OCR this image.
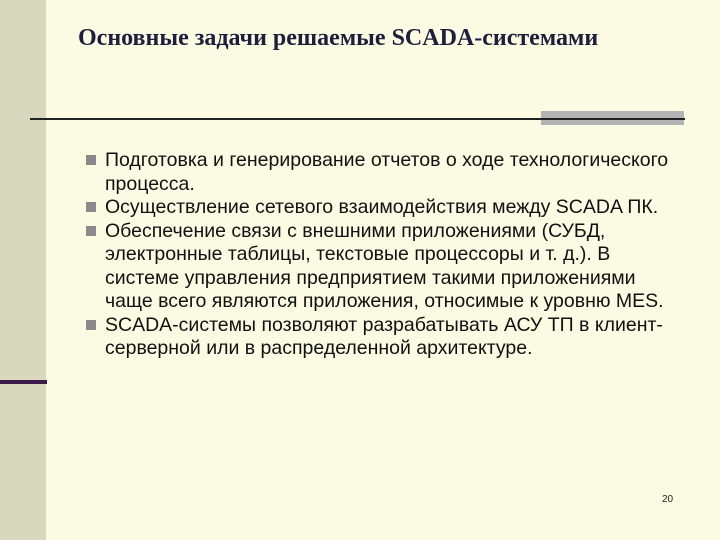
Основные задачи решаемые SCADA-системами
Подготовка и генерирование отчетов о ходе технологического процесса.
Осуществление сетевого взаимодействия между SCADA ПК.
Обеспечение связи с внешними приложениями (СУБД, электронные таблицы, текстовые процессоры и т. д.). В системе управления предприятием такими приложениями чаще всего являются приложения, относимые к уровню MES.
SCADA-системы позволяют разрабатывать АСУ ТП в клиент-серверной или в распределенной архитектуре.
20
